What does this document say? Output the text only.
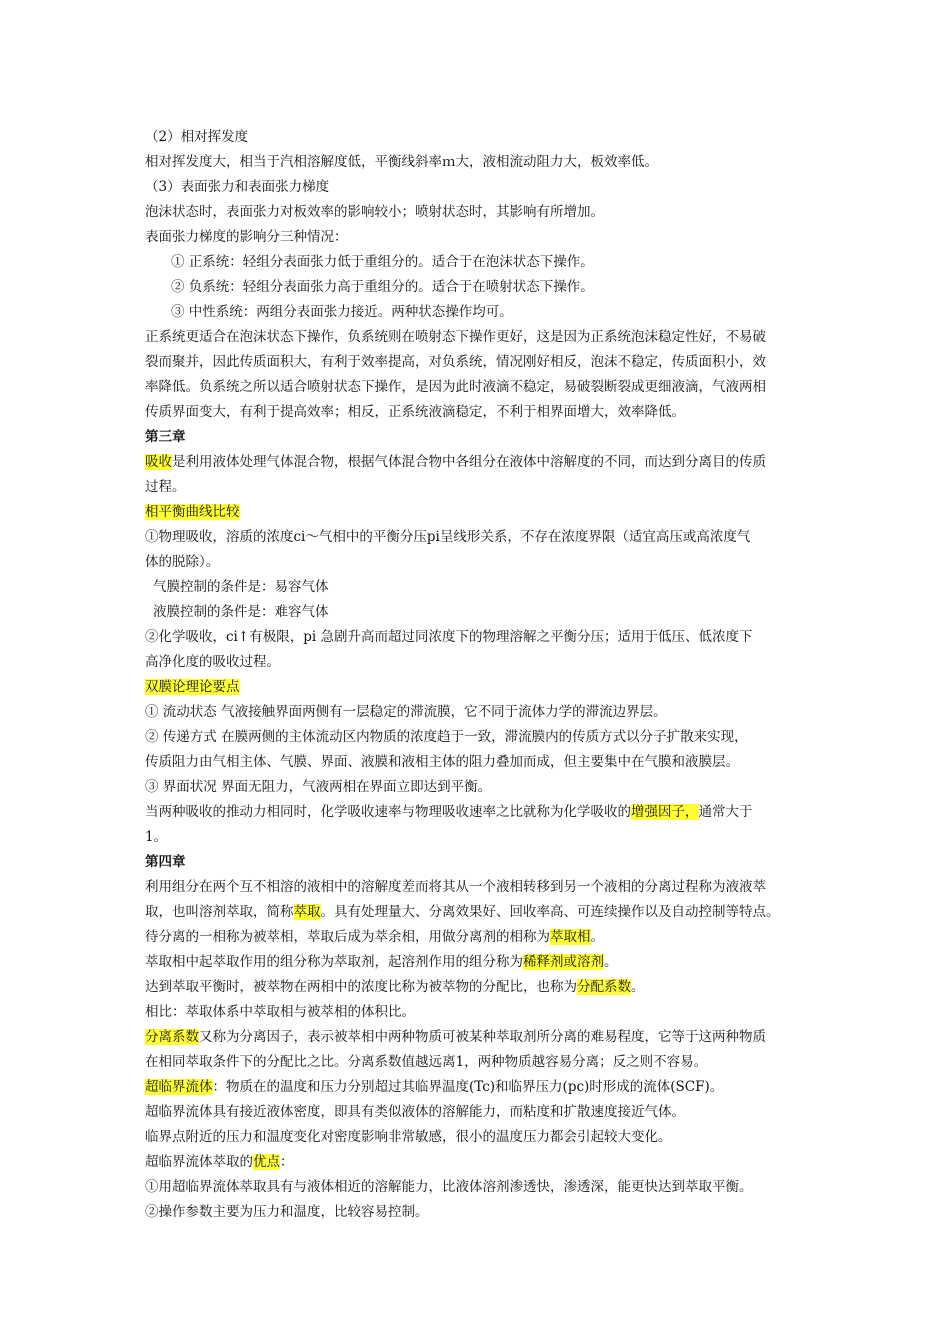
（2）相对挥发度
相对挥发度大，相当于汽相溶解度低，平衡线斜率ｍ大，液相流动阻力大，板效率低。
（3）表面张力和表面张力梯度
泡沫状态时，表面张力对板效率的影响较小；喷射状态时，其影响有所增加。
表面张力梯度的影响分三种情况：
① 正系统：轻组分表面张力低于重组分的。适合于在泡沫状态下操作。
② 负系统：轻组分表面张力高于重组分的。适合于在喷射状态下操作。
③ 中性系统：两组分表面张力接近。两种状态操作均可。
正系统更适合在泡沫状态下操作，负系统则在喷射态下操作更好，这是因为正系统泡沫稳定性好，不易破
裂而聚并，因此传质面积大，有利于效率提高，对负系统，情况刚好相反，泡沫不稳定，传质面积小，效
率降低。负系统之所以适合喷射状态下操作，是因为此时液滴不稳定，易破裂断裂成更细液滴，气液两相
传质界面变大，有利于提高效率；相反，正系统液滴稳定，不利于相界面增大，效率降低。
第三章
吸收是利用液体处理气体混合物，根据气体混合物中各组分在液体中溶解度的不同，而达到分离目的传质
过程。
相平衡曲线比较
①物理吸收，溶质的浓度ci～气相中的平衡分压pi呈线形关系，不存在浓度界限（适宜高压或高浓度气
体的脱除）。
气膜控制的条件是：易容气体
液膜控制的条件是：难容气体
②化学吸收，ci↑有极限，pi 急剧升高而超过同浓度下的物理溶解之平衡分压；适用于低压、低浓度下
高净化度的吸收过程。
双膜论理论要点
① 流动状态 气液接触界面两侧有一层稳定的滞流膜，它不同于流体力学的滞流边界层。
② 传递方式 在膜两侧的主体流动区内物质的浓度趋于一致，滞流膜内的传质方式以分子扩散来实现，
传质阻力由气相主体、气膜、界面、液膜和液相主体的阻力叠加而成，但主要集中在气膜和液膜层。
③ 界面状况 界面无阻力，气液两相在界面立即达到平衡。
当两种吸收的推动力相同时，化学吸收速率与物理吸收速率之比就称为化学吸收的增强因子，通常大于
1。
第四章
利用组分在两个互不相溶的液相中的溶解度差而将其从一个液相转移到另一个液相的分离过程称为液液萃
取，也叫溶剂萃取，简称萃取。具有处理量大、分离效果好、回收率高、可连续操作以及自动控制等特点。
待分离的一相称为被萃相，萃取后成为萃余相，用做分离剂的相称为萃取相。
萃取相中起萃取作用的组分称为萃取剂，起溶剂作用的组分称为稀释剂或溶剂。
达到萃取平衡时，被萃物在两相中的浓度比称为被萃物的分配比，也称为分配系数。
相比：萃取体系中萃取相与被萃相的体积比。
分离系数又称为分离因子，表示被萃相中两种物质可被某种萃取剂所分离的难易程度，它等于这两种物质
在相同萃取条件下的分配比之比。分离系数值越远离1，两种物质越容易分离；反之则不容易。
超临界流体：物质在的温度和压力分别超过其临界温度(Tc)和临界压力(pc)时形成的流体(SCF)。
超临界流体具有接近液体密度，即具有类似液体的溶解能力，而粘度和扩散速度接近气体。
临界点附近的压力和温度变化对密度影响非常敏感，很小的温度压力都会引起较大变化。
超临界流体萃取的优点：
①用超临界流体萃取具有与液体相近的溶解能力，比液体溶剂渗透快，渗透深，能更快达到萃取平衡。
②操作参数主要为压力和温度，比较容易控制。
